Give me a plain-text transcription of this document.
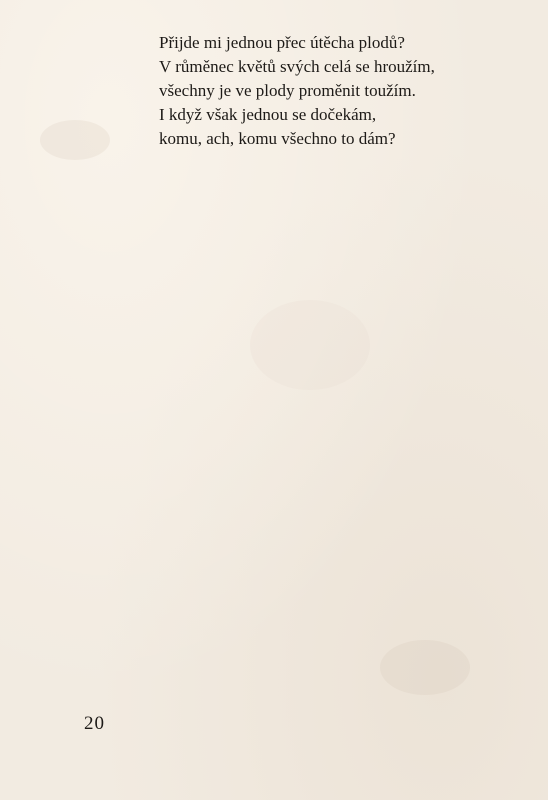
Přijde mi jednou přec útěcha plodů?
V růměnec květů svých celá se hroužím,
všechny je ve plody proměnit toužím.
I když však jednou se dočekám,
komu, ach, komu všechno to dám?
20
